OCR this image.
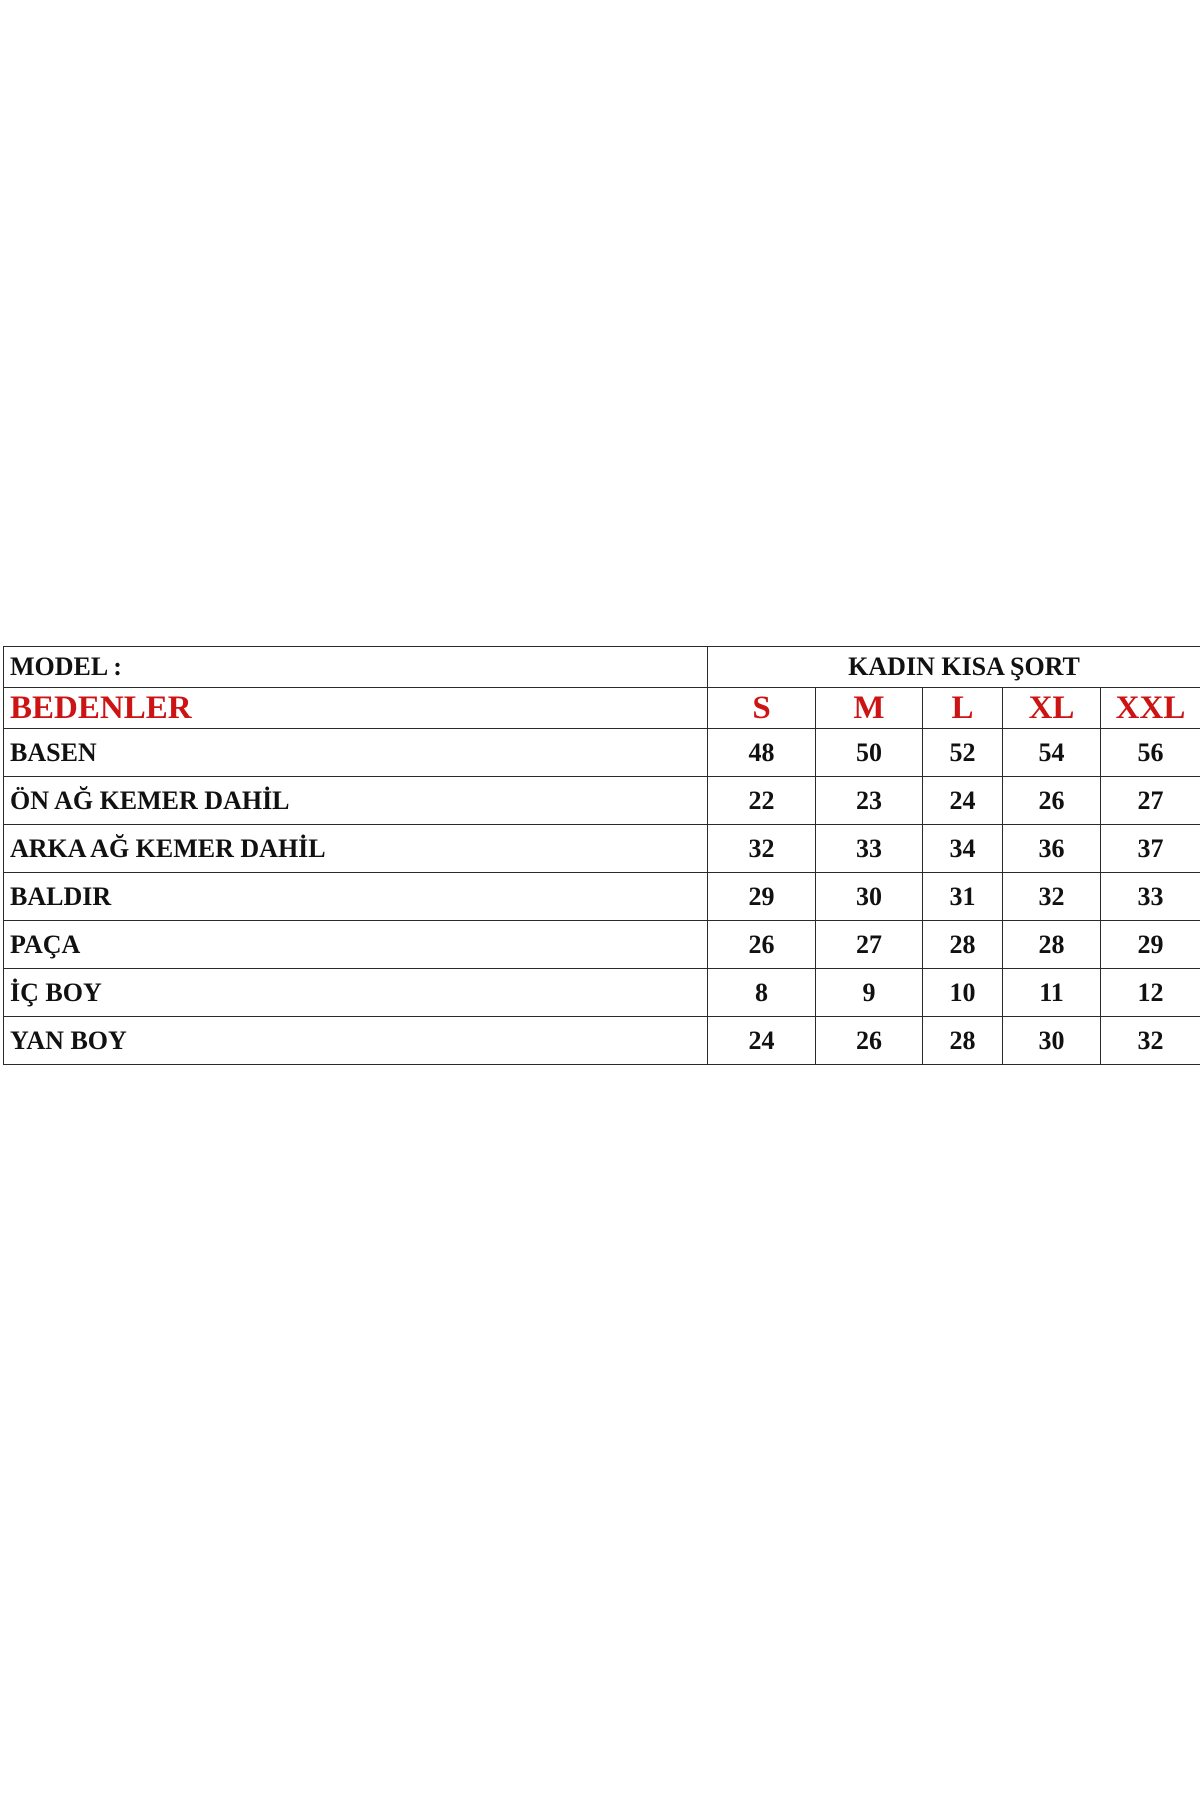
MODEL :	KADIN KISA ŞORT				
BEDENLER	S	M	L	XL	XXL
BASEN	48	50	52	54	56
ÖN AĞ KEMER DAHİL	22	23	24	26	27
ARKA AĞ KEMER DAHİL	32	33	34	36	37
BALDIR	29	30	31	32	33
PAÇA	26	27	28	28	29
İÇ BOY	8	9	10	11	12
YAN BOY	24	26	28	30	32
